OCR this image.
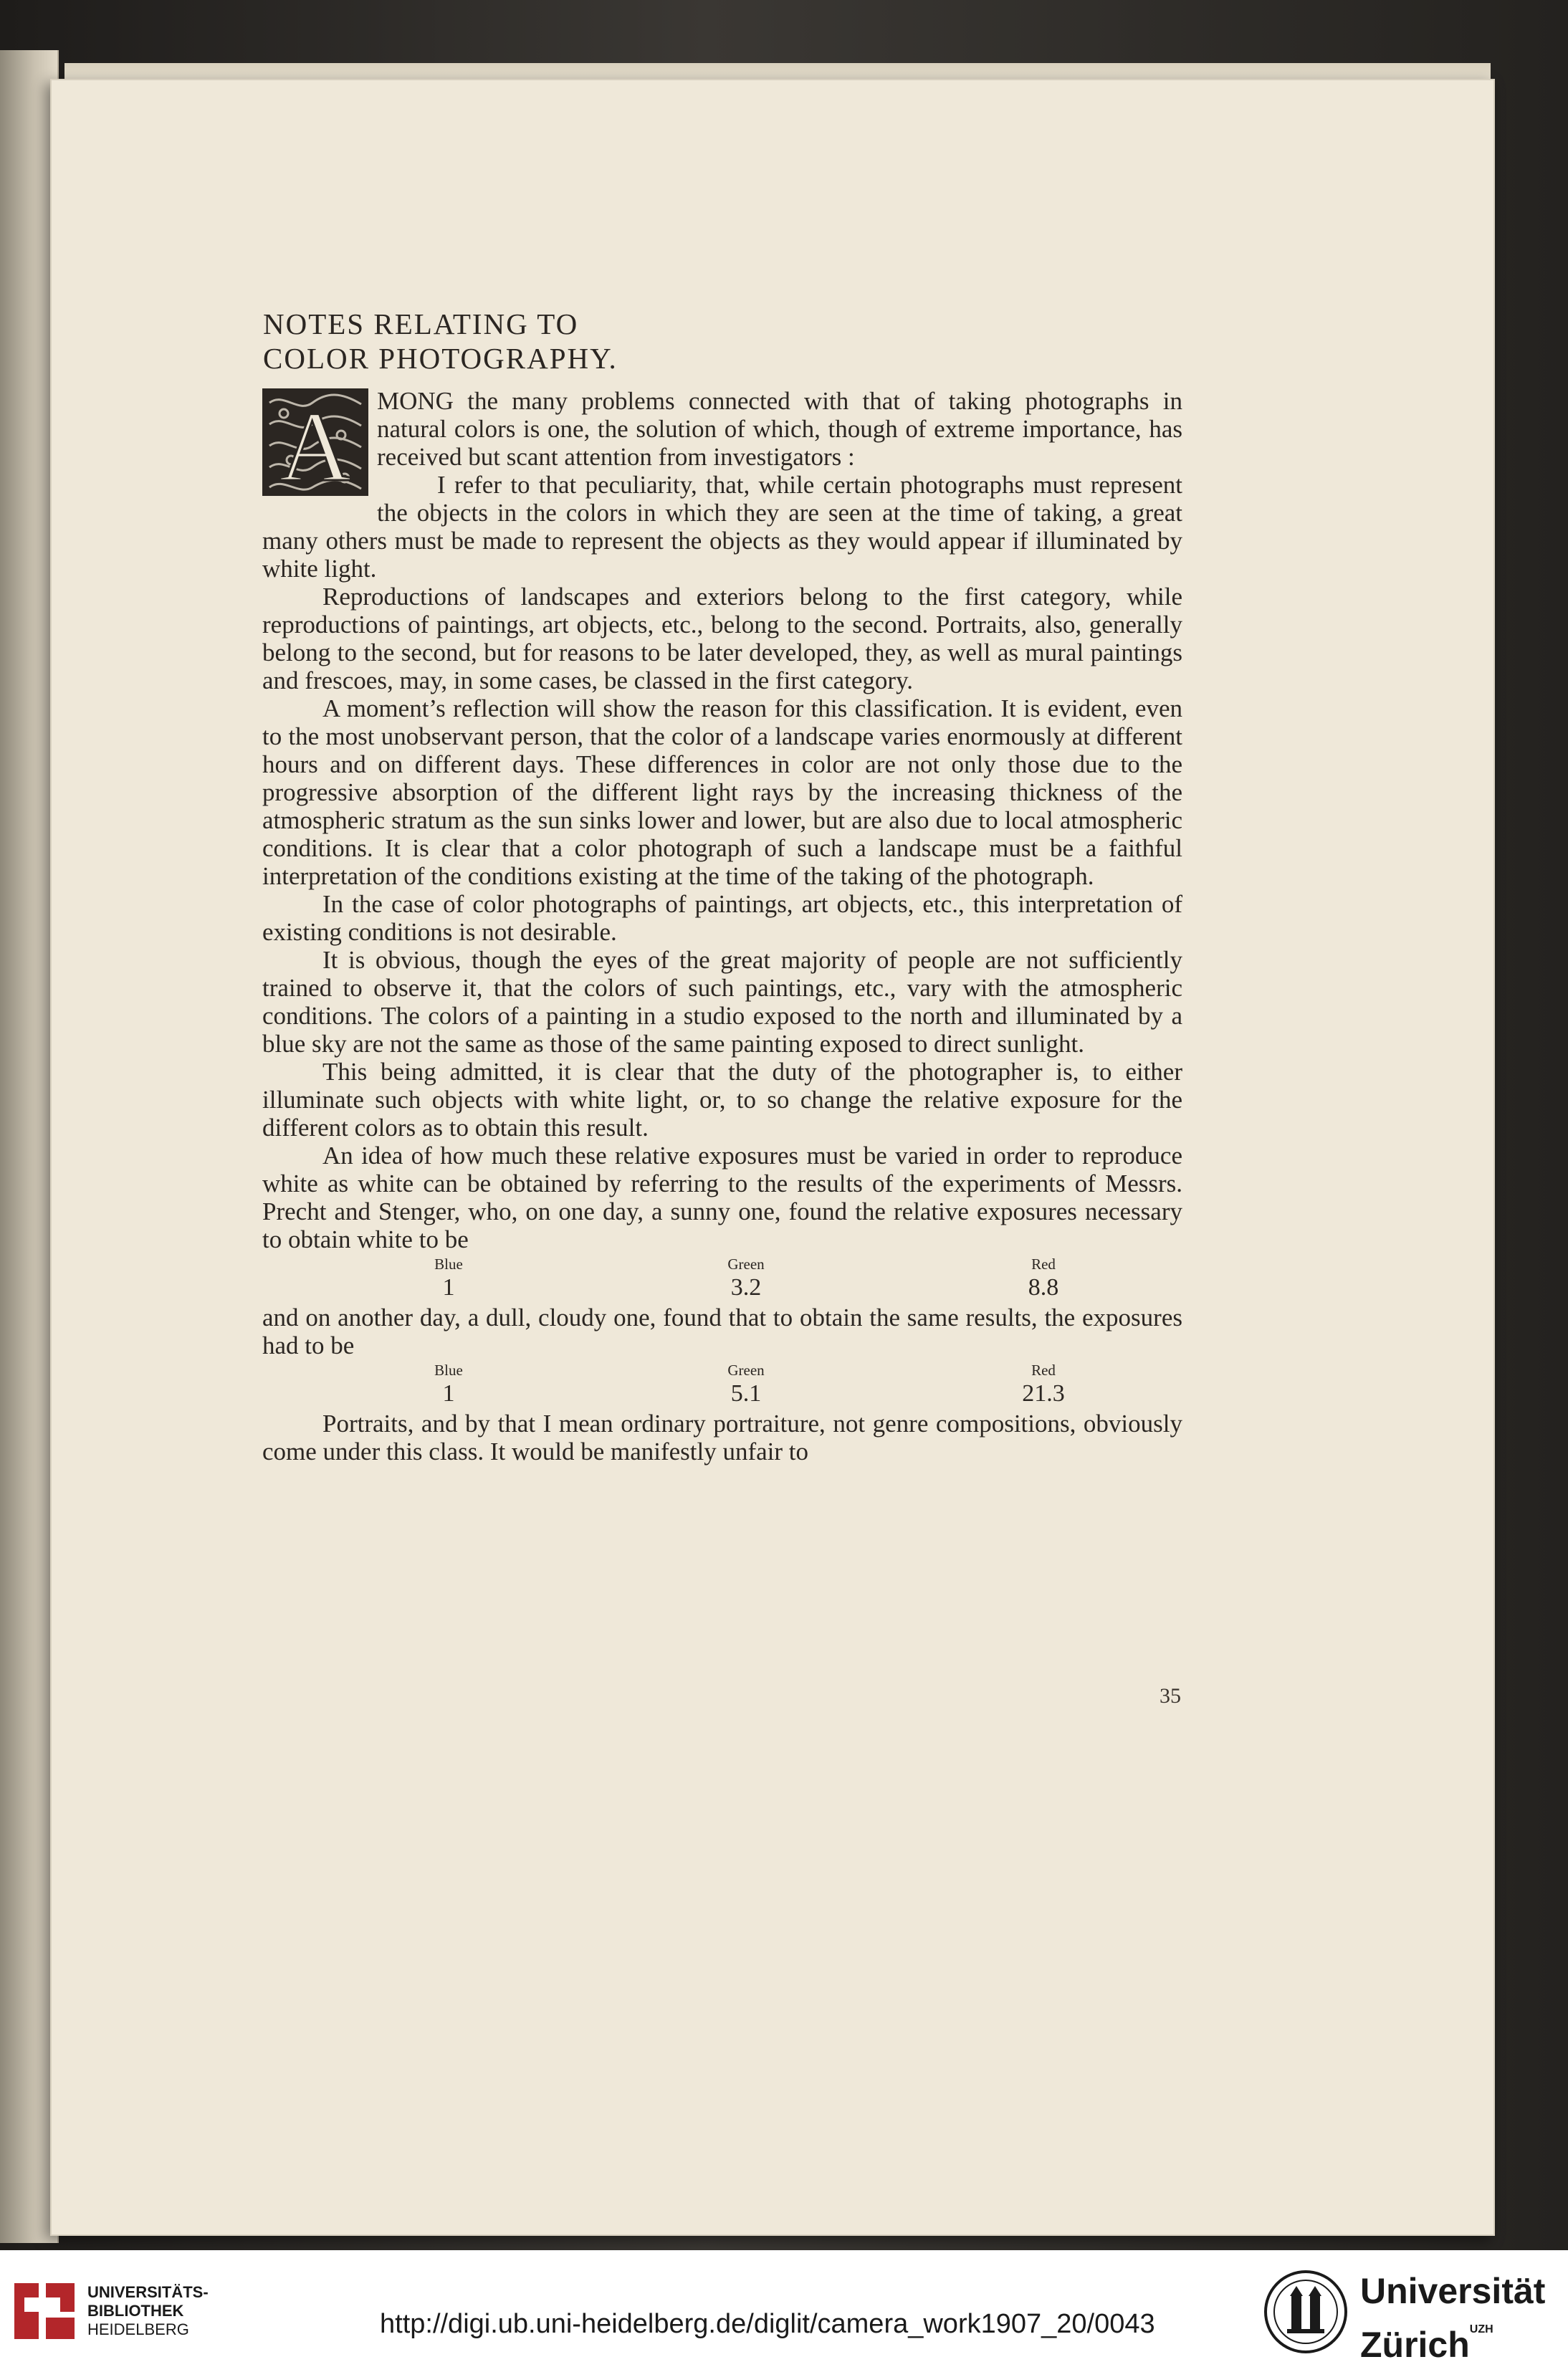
NOTES RELATING TO
COLOR PHOTOGRAPHY.

MONG the many problems connected with that of taking photographs in natural colors is one, the solution of which, though of extreme importance, has received but scant attention from investigators :

I refer to that peculiarity, that, while certain photographs must represent the objects in the colors in which they are seen at the time of taking, a great many others must be made to represent the objects as they would appear if illuminated by white light.

Reproductions of landscapes and exteriors belong to the first category, while reproductions of paintings, art objects, etc., belong to the second. Portraits, also, generally belong to the second, but for reasons to be later developed, they, as well as mural paintings and frescoes, may, in some cases, be classed in the first category.

A moment’s reflection will show the reason for this classification. It is evident, even to the most unobservant person, that the color of a landscape varies enormously at different hours and on different days. These differences in color are not only those due to the progressive absorption of the different light rays by the increasing thickness of the atmospheric stratum as the sun sinks lower and lower, but are also due to local atmospheric conditions. It is clear that a color photograph of such a landscape must be a faithful interpretation of the conditions existing at the time of the taking of the photograph.

In the case of color photographs of paintings, art objects, etc., this interpretation of existing conditions is not desirable.

It is obvious, though the eyes of the great majority of people are not sufficiently trained to observe it, that the colors of such paintings, etc., vary with the atmospheric conditions. The colors of a painting in a studio exposed to the north and illuminated by a blue sky are not the same as those of the same painting exposed to direct sunlight.

This being admitted, it is clear that the duty of the photographer is, to either illuminate such objects with white light, or, to so change the relative exposure for the different colors as to obtain this result.

An idea of how much these relative exposures must be varied in order to reproduce white as white can be obtained by referring to the results of the experiments of Messrs. Precht and Stenger, who, on one day, a sunny one, found the relative exposures necessary to obtain white to be

Blue	Green	Red
1	3.2	8.8

and on another day, a dull, cloudy one, found that to obtain the same results, the exposures had to be

Blue	Green	Red
1	5.1	21.3

Portraits, and by that I mean ordinary portraiture, not genre compositions, obviously come under this class. It would be manifestly unfair to

A
35
UNIVERSITÄTS-
BIBLIOTHEK
HEIDELBERG	http://digi.ub.uni-heidelberg.de/diglit/camera_work1907_20/0043
Universität
Zürich$^{UZH}$
